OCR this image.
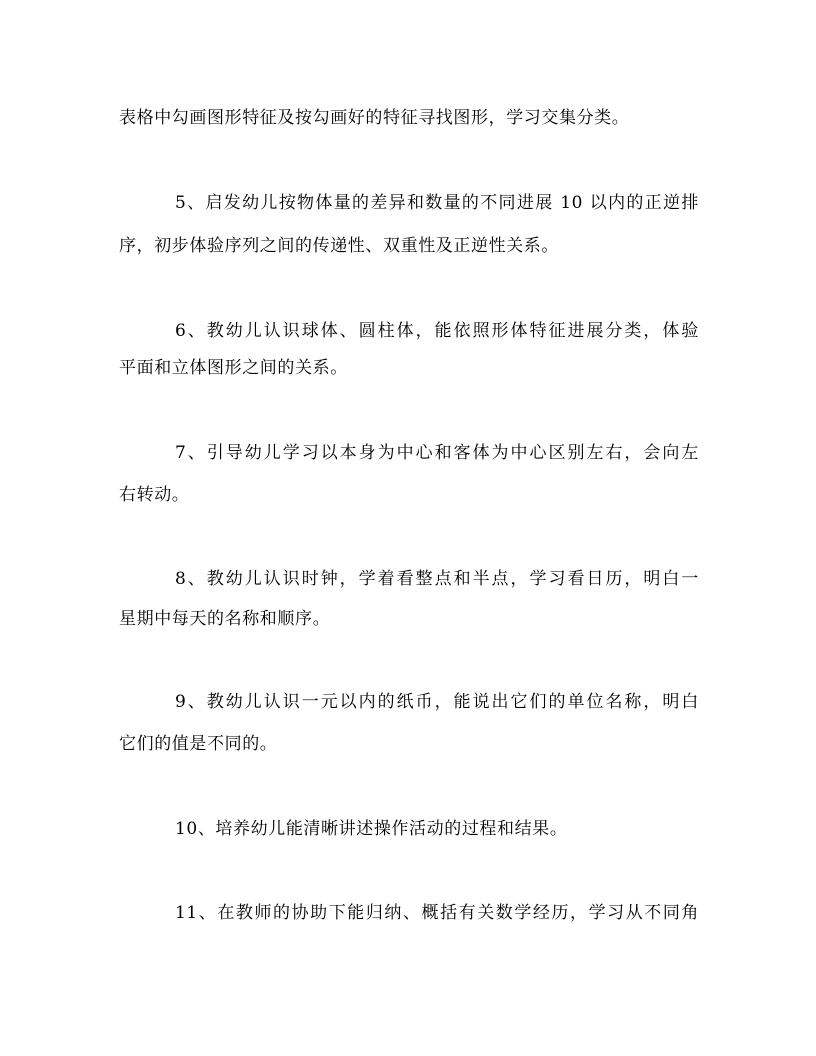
表格中勾画图形特征及按勾画好的特征寻找图形，学习交集分类。
5、启发幼儿按物体量的差异和数量的不同进展 10 以内的正逆排
序，初步体验序列之间的传递性、双重性及正逆性关系。
6、教幼儿认识球体、圆柱体，能依照形体特征进展分类，体验
平面和立体图形之间的关系。
7、引导幼儿学习以本身为中心和客体为中心区别左右，会向左
右转动。
8、教幼儿认识时钟，学着看整点和半点，学习看日历，明白一
星期中每天的名称和顺序。
9、教幼儿认识一元以内的纸币，能说出它们的单位名称，明白
它们的值是不同的。
10、培养幼儿能清晰讲述操作活动的过程和结果。
11、在教师的协助下能归纳、概括有关数学经历，学习从不同角
